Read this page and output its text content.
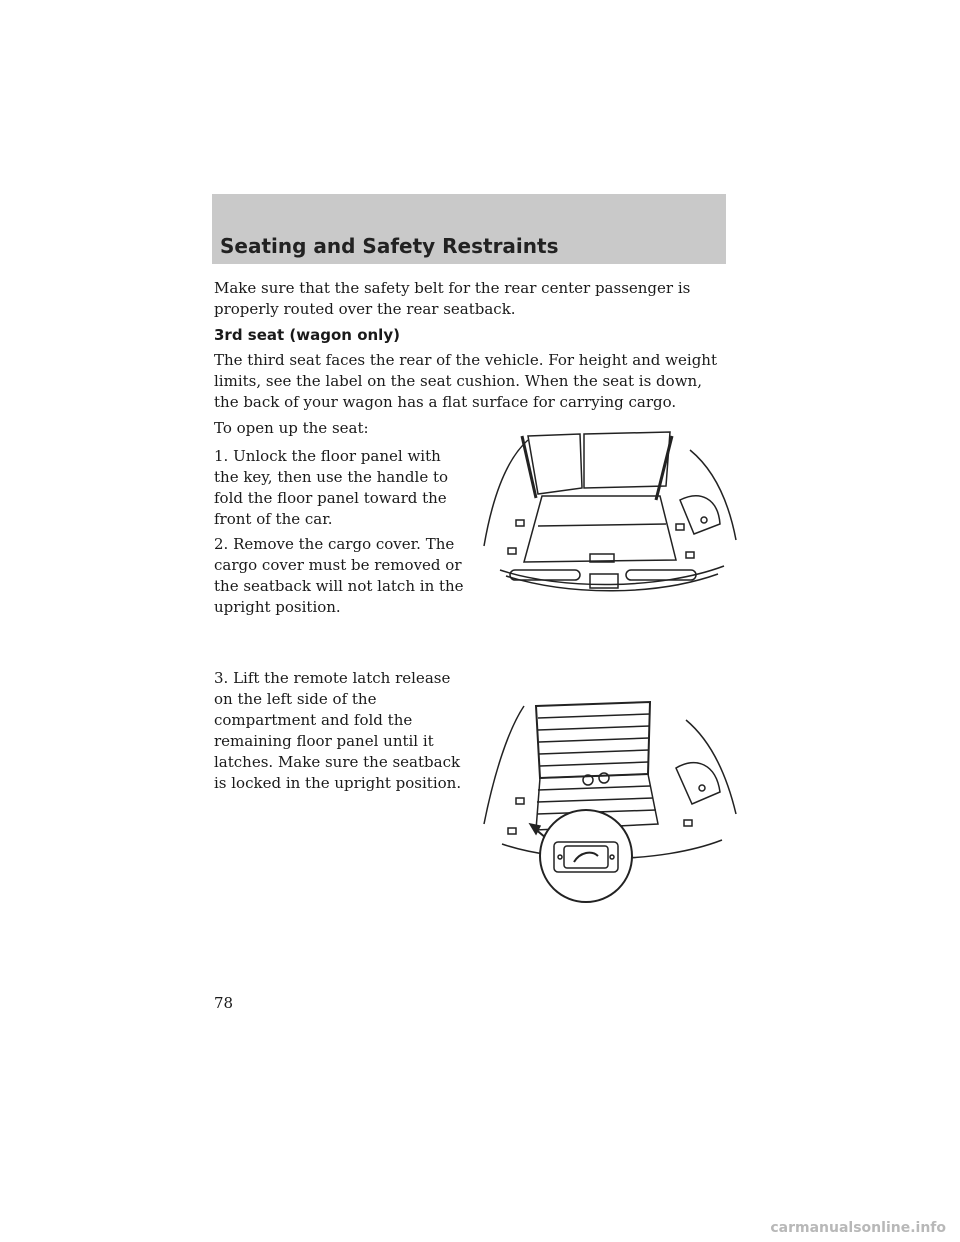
Seating and Safety Restraints

Make sure that the safety belt for the rear center passenger is properly routed over the rear seatback.

3rd seat (wagon only)

The third seat faces the rear of the vehicle. For height and weight limits, see the label on the seat cushion. When the seat is down, the back of your wagon has a flat surface for carrying cargo.

To open up the seat:

1. Unlock the floor panel with the key, then use the handle to fold the floor panel toward the front of the car.

2. Remove the cargo cover. The cargo cover must be removed or the seatback will not latch in the upright position.

3. Lift the remote latch release on the left side of the compartment and fold the remaining floor panel until it latches. Make sure the seatback is locked in the upright position.

78

carmanualsonline.info
